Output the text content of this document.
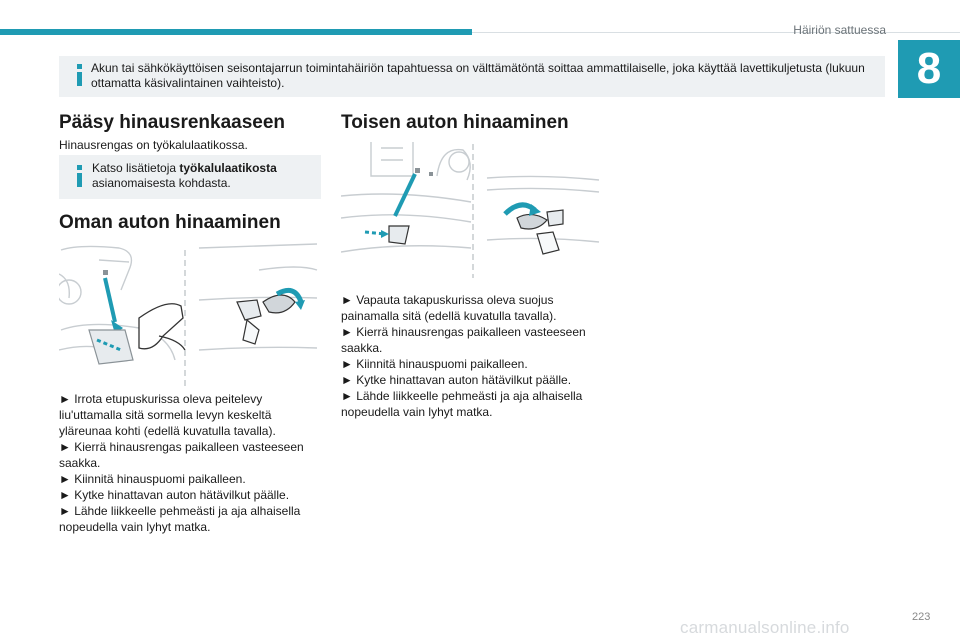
Häiriön sattuessa
8
Akun tai sähkökäyttöisen seisontajarrun toimintahäiriön tapahtuessa on välttämätöntä soittaa ammattilaiselle, joka käyttää lavettikuljetusta (lukuun ottamatta käsivalintainen vaihteisto).
Pääsy hinausrenkaaseen

Hinausrengas on työkalulaatikossa.

Katso lisätietoja työkalulaatikosta asianomaisesta kohdasta.
Oman auton hinaaminen
► Irrota etupuskurissa oleva peitelevy liu'uttamalla sitä sormella levyn keskeltä yläreunaa kohti (edellä kuvatulla tavalla).
► Kierrä hinausrengas paikalleen vasteeseen saakka.
► Kiinnitä hinauspuomi paikalleen.
► Kytke hinattavan auton hätävilkut päälle.
► Lähde liikkeelle pehmeästi ja aja alhaisella nopeudella vain lyhyt matka.
Toisen auton hinaaminen
► Vapauta takapuskurissa oleva suojus painamalla sitä (edellä kuvatulla tavalla).
► Kierrä hinausrengas paikalleen vasteeseen saakka.
► Kiinnitä hinauspuomi paikalleen.
► Kytke hinattavan auton hätävilkut päälle.
► Lähde liikkeelle pehmeästi ja aja alhaisella nopeudella vain lyhyt matka.
223
carmanualsonline.info
